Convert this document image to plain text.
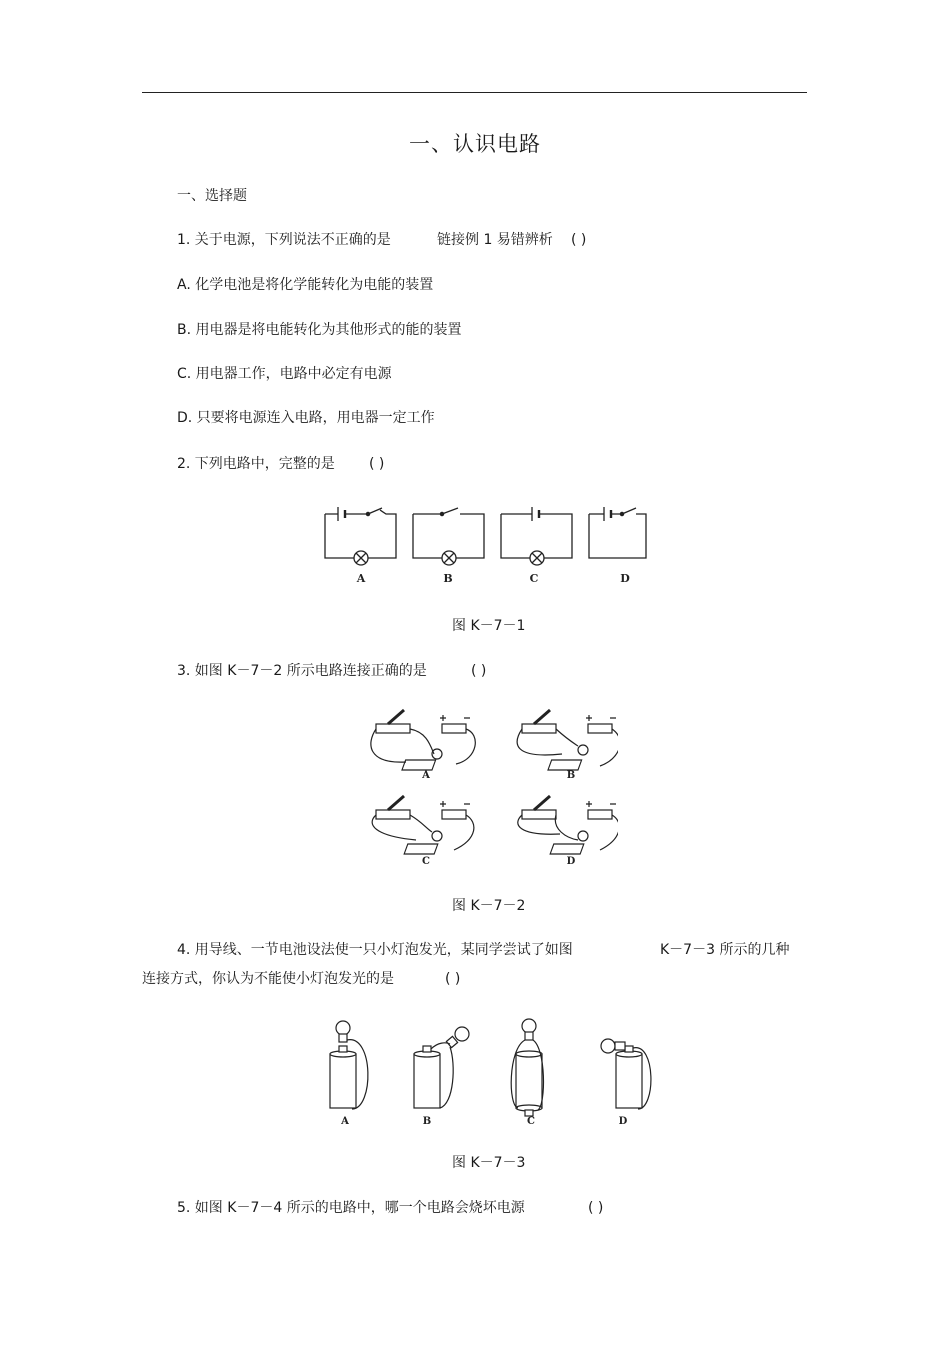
一、认识电路
一、选择题
1. 关于电源，下列说法不正确的是	链接例 1 易错辨析 ( )
A. 化学电池是将化学能转化为电能的装置
B. 用电器是将电能转化为其他形式的能的装置
C. 用电器工作，电路中必定有电源
D. 只要将电源连入电路，用电器一定工作
2. 下列电路中，完整的是 ( )
A	B	C	D
图 K－7－1
3. 如图 K－7－2 所示电路连接正确的是	( )
A	B
C	D
图 K－7－2
4. 用导线、一节电池设法使一只小灯泡发光，某同学尝试了如图	K－7－3 所示的几种
连接方式，你认为不能使小灯泡发光的是	( )
A	B	C	D
图 K－7－3
5. 如图 K－7－4 所示的电路中，哪一个电路会烧坏电源	( )
